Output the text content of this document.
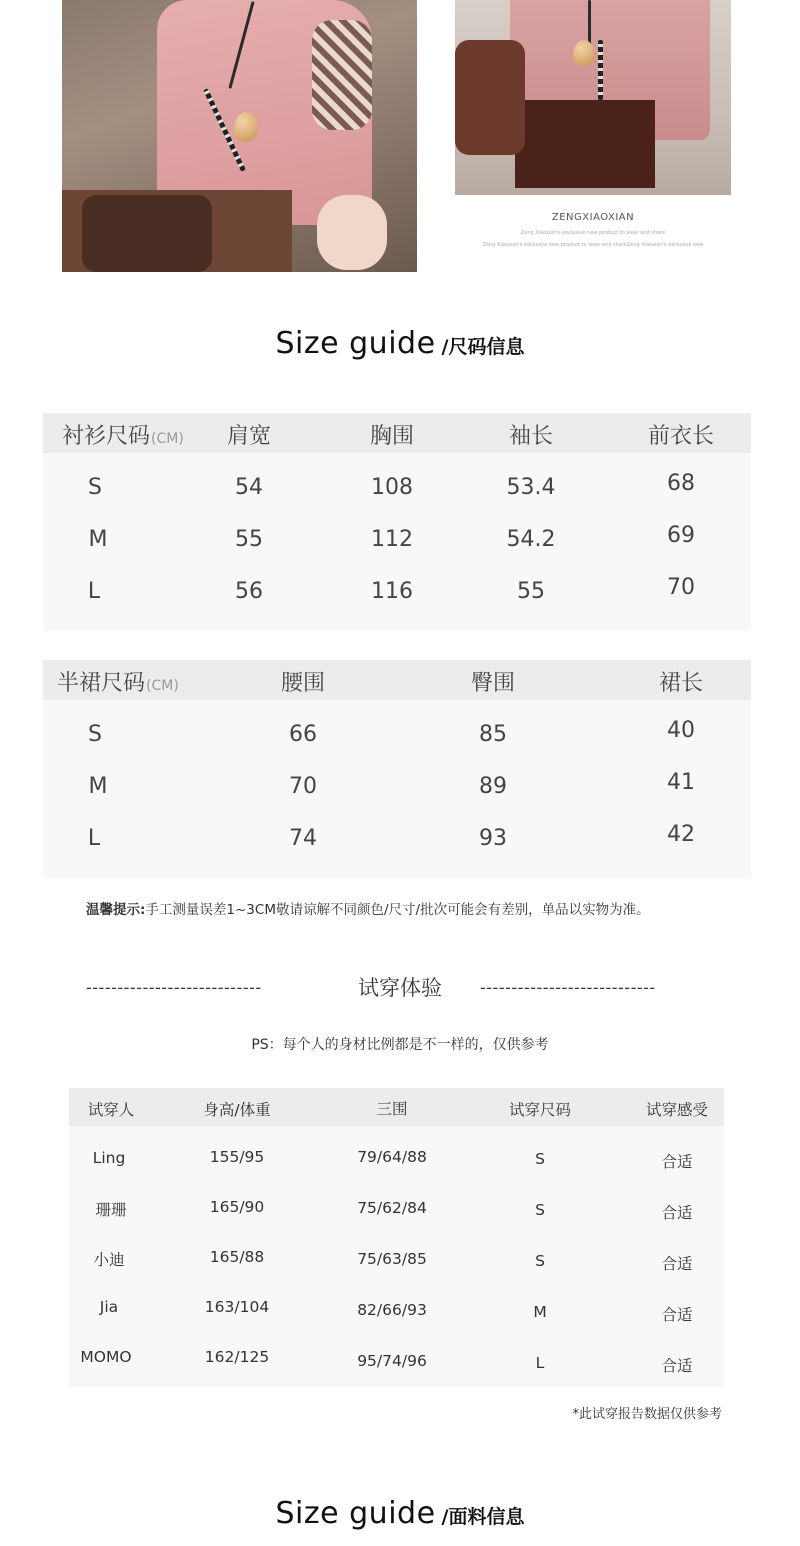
ZENGXIAOXIAN
Zeng Xiaoxian's exclusive new product to wear and share
Zeng Xiaoxian's exclusive new product to wear and shareZeng Xiaoxian's exclusive new
Size guide /尺码信息
衬衫尺码(CM) 肩宽	胸围	袖长	前衣长
S	54	108	53.4	68
M	55	112	54.2	69
L	56	116	55	70
半裙尺码(CM)	腰围	臀围	裙长
S	66	85	40
M	70	89	41
L	74	93	42
温馨提示:手工测量误差1~3CM敬请谅解不同颜色/尺寸/批次可能会有差别，单品以实物为准。
----------------------------	试穿体验	----------------------------
PS：每个人的身材比例都是不一样的，仅供参考
试穿人	身高/体重	三围	试穿尺码	试穿感受
Ling	155/95	79/64/88	S	合适
珊珊	165/90	75/62/84	S	合适
小迪	165/88	75/63/85	S	合适
Jia	163/104	82/66/93	M	合适
MOMO	162/125	95/74/96	L	合适
*此试穿报告数据仅供参考
Size guide /面料信息
